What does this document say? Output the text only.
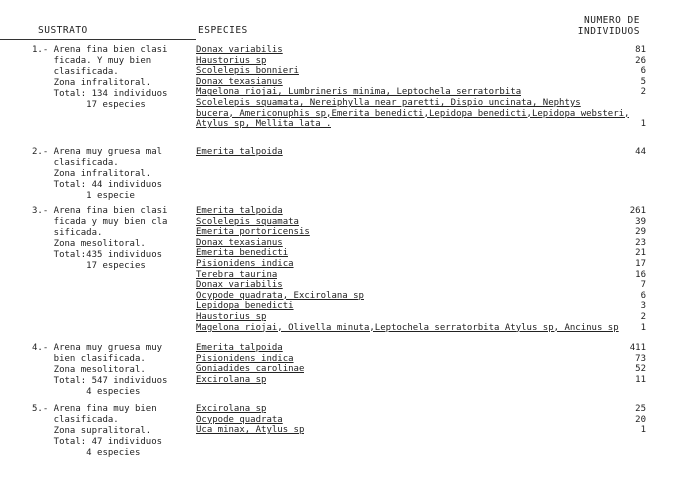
SUSTRATO	ESPECIES
NUMERO DE
INDIVIDUOS
1.- Arena fina bien clasi
ficada. Y muy bien
clasificada.
Zona infralitoral.
Total: 134 individuos
17 especies
Donax variabilis	81
Haustorius sp	26
Scolelepis bonnieri	6
Donax texasianus	5
Magelona riojai, Lumbrineris minima, Leptochela serratorbita	2
Scolelepis squamata, Nereiphylla near paretti, Dispio uncinata, Nephtys
bucera, Americonuphis sp,Emerita benedicti,Lepidopa benedicti,Lepidopa websteri,
Atylus sp, Mellita lata .	1
2.- Arena muy gruesa mal
clasificada.
Zona infralitoral.
Total: 44 individuos
1 especie
Emerita talpoida	44
3.- Arena fina bien clasi
ficada y muy bien cla
sificada.
Zona mesolitoral.
Total:435 individuos
17 especies
Emerita talpoida	261
Scolelepis squamata	39
Emerita portoricensis	29
Donax texasianus	23
Emerita benedicti	21
Pisionidens indica	17
Terebra taurina	16
Donax variabilis	7
Ocypode quadrata, Excirolana sp	6
Lepidopa benedicti	3
Haustorius sp	2
Magelona riojai, Olivella minuta,Leptochela serratorbita Atylus sp, Ancinus sp 1
4.- Arena muy gruesa muy
bien clasificada.
Zona mesolitoral.
Total: 547 individuos
4 especies
Emerita talpoida	411
Pisionidens indica	73
Goniadides carolinae	52
Excirolana sp	11
5.- Arena fina muy bien
clasificada.
Zona supralitoral.
Total: 47 individuos
4 especies
Excirolana sp	25
Ocypode quadrata	20
Uca minax, Atylus sp	1
